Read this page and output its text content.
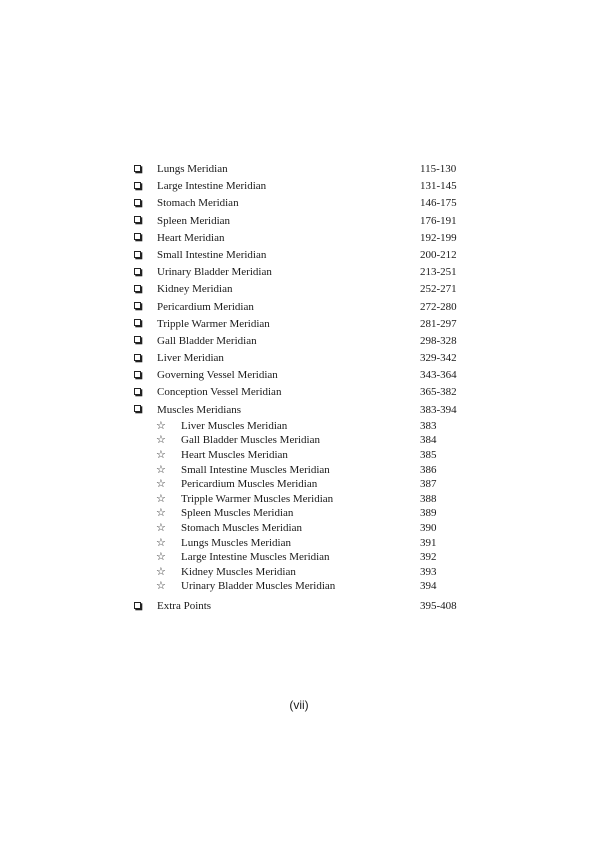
Lungs Meridian	115-130
Large Intestine Meridian	131-145
Stomach Meridian	146-175
Spleen Meridian	176-191
Heart Meridian	192-199
Small Intestine Meridian	200-212
Urinary Bladder Meridian	213-251
Kidney Meridian	252-271
Pericardium Meridian	272-280
Tripple Warmer Meridian	281-297
Gall Bladder Meridian	298-328
Liver Meridian	329-342
Governing Vessel Meridian	343-364
Conception Vessel Meridian	365-382
Muscles Meridians	383-394
☆ Liver Muscles Meridian	383
☆ Gall Bladder Muscles Meridian	384
☆ Heart Muscles Meridian	385
☆ Small Intestine Muscles Meridian	386
☆ Pericardium Muscles Meridian	387
☆ Tripple Warmer Muscles Meridian	388
☆ Spleen Muscles Meridian	389
☆ Stomach Muscles Meridian	390
☆ Lungs Muscles Meridian	391
☆ Large Intestine Muscles Meridian	392
☆ Kidney Muscles Meridian	393
☆ Urinary Bladder Muscles Meridian	394
Extra Points	395-408
(vii)
